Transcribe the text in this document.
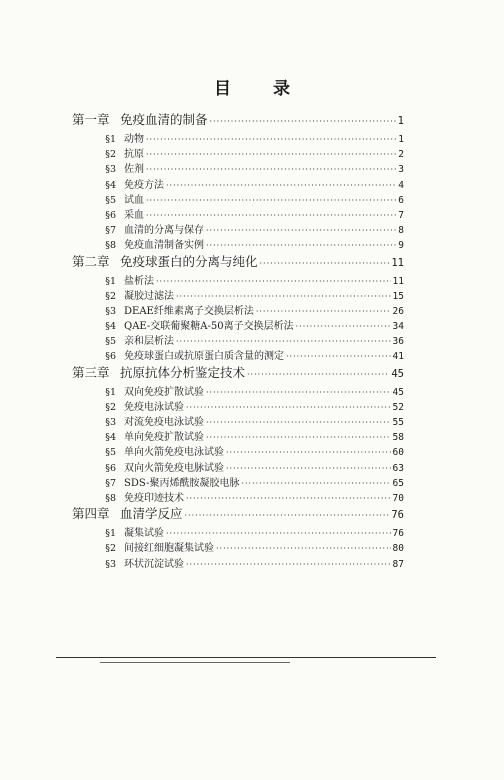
目 录
第一章 免疫血清的制备 ·····	1
§1 动物 ·····	1
§2 抗原 ·····	2
§3 佐剂 ·····	3
§4 免疫方法 ·····	4
§5 试血 ·····	6
§6 采血 ·····	7
§7 血清的分离与保存 ·····	8
§8 免疫血清制备实例 ·····	9
第二章 免疫球蛋白的分离与纯化 ·····	11
§1 盐析法 ·····	11
§2 凝胶过滤法 ·····	15
§3 DEAE纤维素离子交换层析法 ·····	26
§4 QAE-交联葡聚糖A-50离子交换层析法 ·····	34
§5 亲和层析法 ·····	36
§6 免疫球蛋白或抗原蛋白质含量的测定 ·····	41
第三章 抗原抗体分析鉴定技术 ·····	45
§1 双向免疫扩散试验 ·····	45
§2 免疫电泳试验 ·····	52
§3 对流免疫电泳试验 ·····	55
§4 单向免疫扩散试验 ·····	58
§5 单向火箭免疫电泳试验 ·····	60
§6 双向火箭免疫电脉试验 ·····	63
§7 SDS-聚丙烯酰胺凝胶电脉 ·····	65
§8 免疫印迹技术 ·····	70
第四章 血清学反应 ·····	76
§1 凝集试验 ·····	76
§2 间接红细胞凝集试验 ·····	80
§3 环状沉淀试验 ·····	87
